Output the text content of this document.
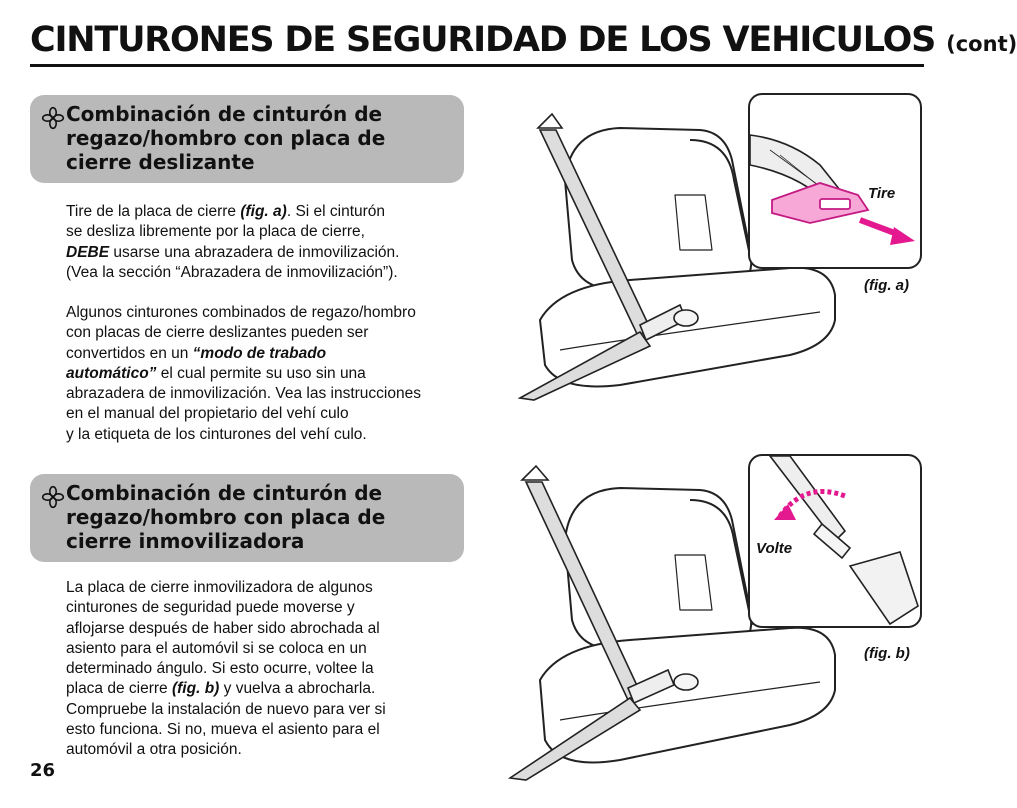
CINTURONES DE SEGURIDAD DE LOS VEHICULOS (cont)
Combinación de cinturón de
regazo/hombro con placa de
cierre deslizante
Tire de la placa de cierre (fig. a). Si el cinturón
se desliza libremente por la placa de cierre,
DEBE usarse una abrazadera de inmovilización.
(Vea la sección “Abrazadera de inmovilización”).
Algunos cinturones combinados de regazo/hombro
con placas de cierre deslizantes pueden ser
convertidos en un “modo de trabado
automático” el cual permite su uso sin una
abrazadera de inmovilización. Vea las instrucciones
en el manual del propietario del vehí culo
y la etiqueta de los cinturones del vehí culo.
Combinación de cinturón de
regazo/hombro con placa de
cierre inmovilizadora
La placa de cierre inmovilizadora de algunos
cinturones de seguridad puede moverse y
aflojarse después de haber sido abrochada al
asiento para el automóvil si se coloca en un
determinado ángulo. Si esto ocurre, voltee la
placa de cierre (fig. b) y vuelva a abrocharla.
Compruebe la instalación de nuevo para ver si
esto funciona. Si no, mueva el asiento para el
automóvil a otra posición.
Tire
(fig. a)
Volte
(fig. b)
26
